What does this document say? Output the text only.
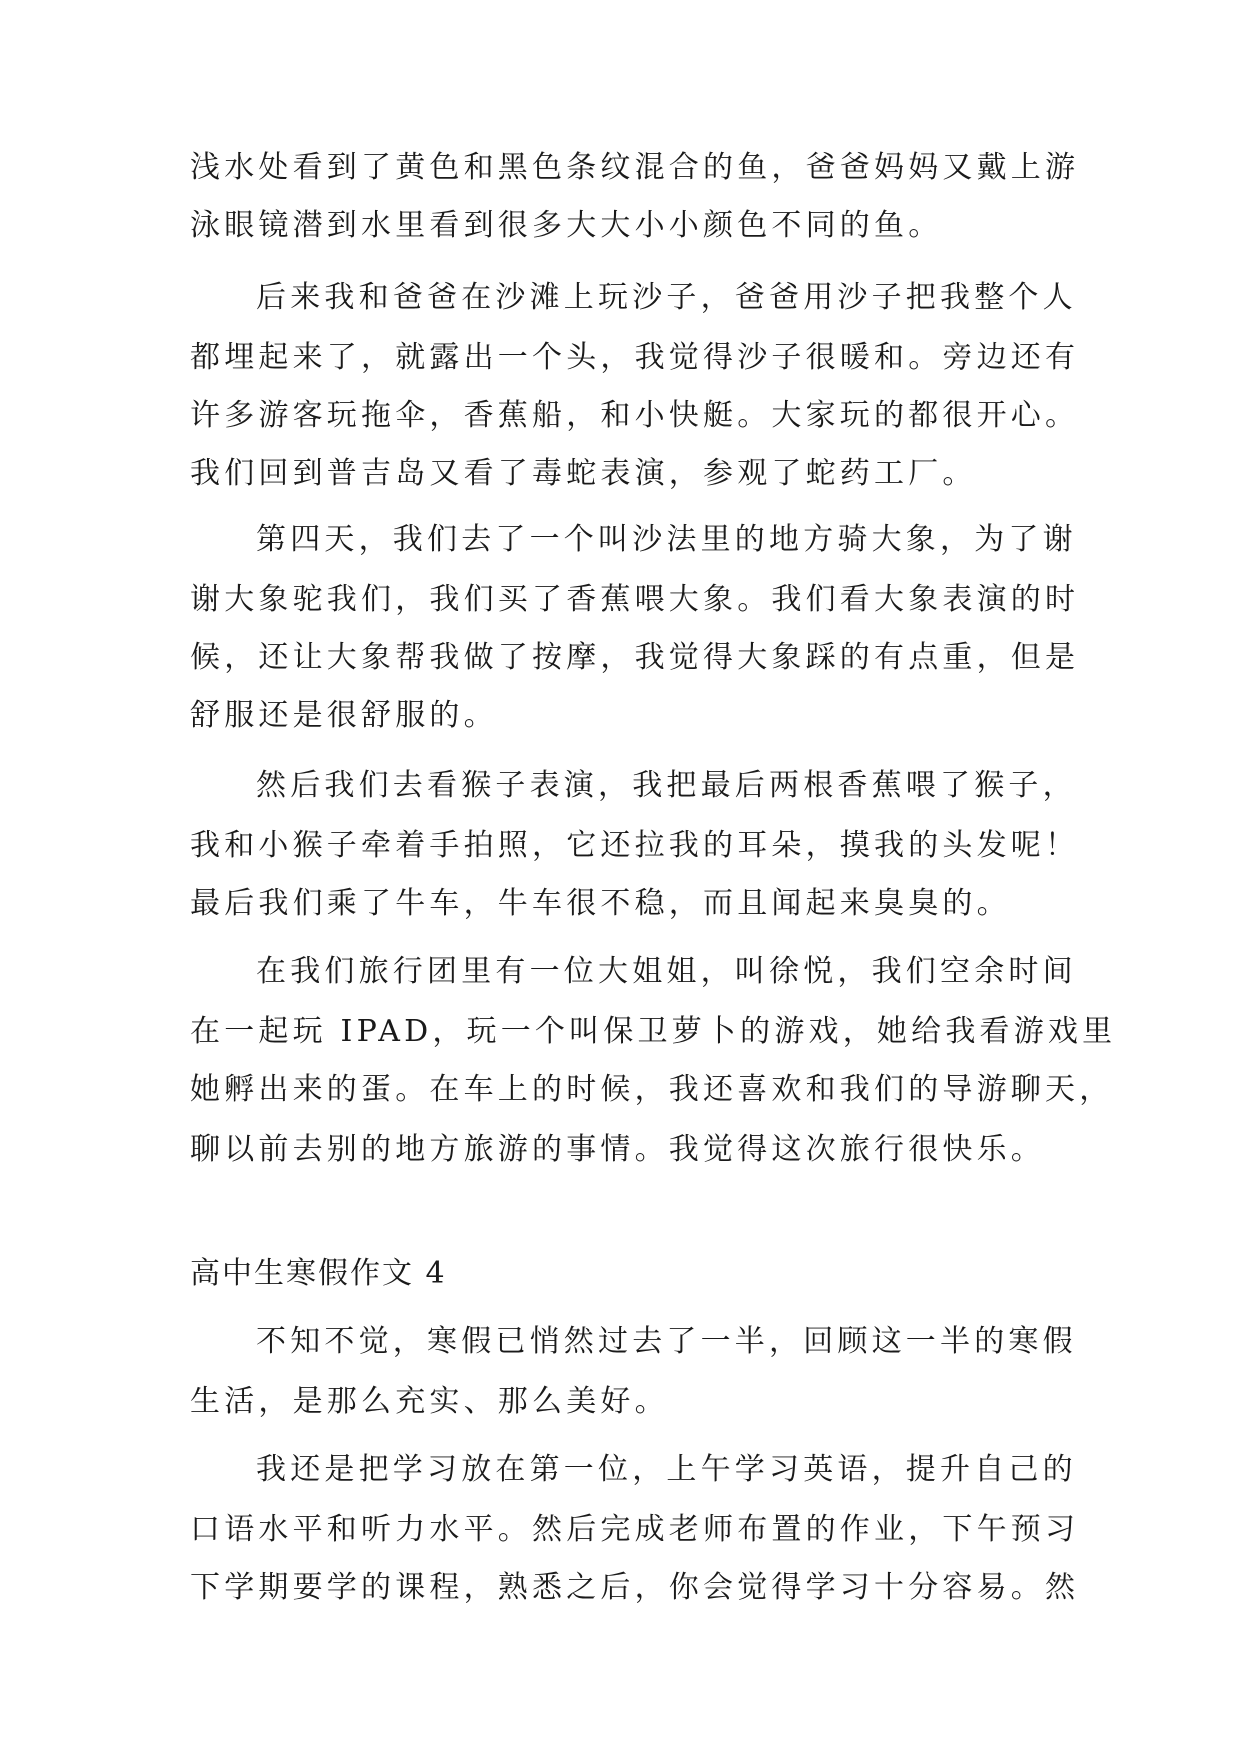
浅水处看到了黄色和黑色条纹混合的鱼，爸爸妈妈又戴上游
泳眼镜潜到水里看到很多大大小小颜色不同的鱼。
后来我和爸爸在沙滩上玩沙子，爸爸用沙子把我整个人
都埋起来了，就露出一个头，我觉得沙子很暖和。旁边还有
许多游客玩拖伞，香蕉船，和小快艇。大家玩的都很开心。
我们回到普吉岛又看了毒蛇表演，参观了蛇药工厂。
第四天，我们去了一个叫沙法里的地方骑大象，为了谢
谢大象驼我们，我们买了香蕉喂大象。我们看大象表演的时
候，还让大象帮我做了按摩，我觉得大象踩的有点重，但是
舒服还是很舒服的。
然后我们去看猴子表演，我把最后两根香蕉喂了猴子，
我和小猴子牵着手拍照，它还拉我的耳朵，摸我的头发呢！
最后我们乘了牛车，牛车很不稳，而且闻起来臭臭的。
在我们旅行团里有一位大姐姐，叫徐悦，我们空余时间
在一起玩 IPAD，玩一个叫保卫萝卜的游戏，她给我看游戏里
她孵出来的蛋。在车上的时候，我还喜欢和我们的导游聊天，
聊以前去别的地方旅游的事情。我觉得这次旅行很快乐。
高中生寒假作文 4
不知不觉，寒假已悄然过去了一半，回顾这一半的寒假
生活，是那么充实、那么美好。
我还是把学习放在第一位，上午学习英语，提升自己的
口语水平和听力水平。然后完成老师布置的作业，下午预习
下学期要学的课程，熟悉之后，你会觉得学习十分容易。然
